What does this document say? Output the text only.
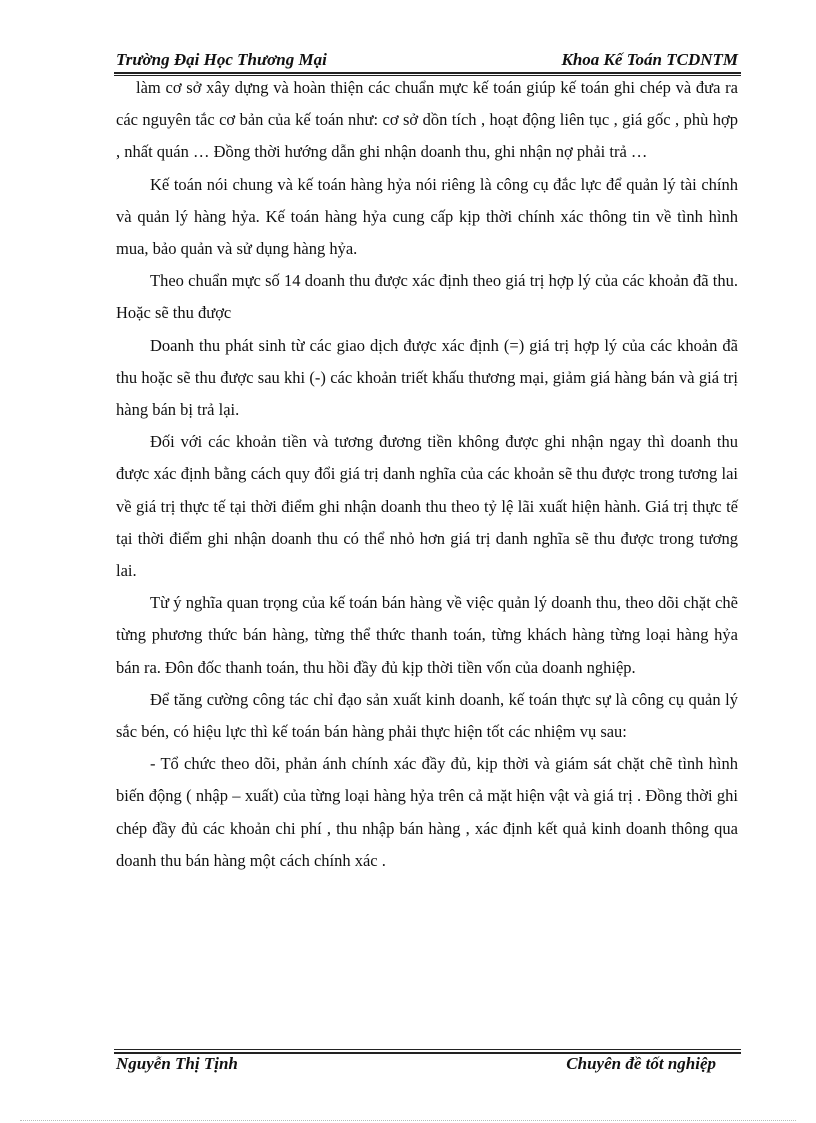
Trường Đại Học Thương Mại	Khoa Kế Toán TCDNTM

làm cơ sở xây dựng và hoàn thiện các chuẩn mực kế toán giúp kế toán ghi chép và đưa ra các nguyên tắc cơ bản của kế toán như: cơ sở dồn tích , hoạt động liên tục , giá gốc , phù hợp , nhất quán … Đồng thời hướng dẫn ghi nhận doanh thu, ghi nhận nợ phải trả …

Kế toán nói chung và kế toán hàng hỷa nói riêng là công cụ đắc lực để quản lý tài chính và quản lý hàng hỷa. Kế toán hàng hỷa cung cấp kịp thời chính xác thông tin về tình hình mua, bảo quản và sử dụng hàng hỷa.

Theo chuẩn mực số 14 doanh thu được xác định theo giá trị hợp lý của các khoản đã thu. Hoặc sẽ thu được

Doanh thu phát sinh từ các giao dịch được xác định (=) giá trị hợp lý của các khoản đã thu hoặc sẽ thu được sau khi (-) các khoản triết khấu thương mại, giảm giá hàng bán và giá trị hàng bán bị trả lại.

Đối với các khoản tiền và tương đương tiền không được ghi nhận ngay thì doanh thu được xác định bằng cách quy đổi giá trị danh nghĩa của các khoản sẽ thu được trong tương lai về giá trị thực tế tại thời điểm ghi nhận doanh thu theo tỷ lệ lãi xuất hiện hành. Giá trị thực tế tại thời điểm ghi nhận doanh thu có thể nhỏ hơn giá trị danh nghĩa sẽ thu được trong tương lai.

Từ ý nghĩa quan trọng của kế toán bán hàng về việc quản lý doanh thu, theo dõi chặt chẽ từng phương thức bán hàng, từng thể thức thanh toán, từng khách hàng từng loại hàng hỷa bán ra. Đôn đốc thanh toán, thu hồi đầy đủ kịp thời tiền vốn của doanh nghiệp.

Để tăng cường công tác chỉ đạo sản xuất kinh doanh, kế toán thực sự là công cụ quản lý sắc bén, có hiệu lực thì kế toán bán hàng phải thực hiện tốt các nhiệm vụ sau:

- Tổ chức theo dõi, phản ánh chính xác đầy đủ, kịp thời và giám sát chặt chẽ tình hình biến động ( nhập – xuất) của từng loại hàng hỷa trên cả mặt hiện vật và giá trị . Đồng thời ghi chép đầy đủ các khoản chi phí , thu nhập bán hàng , xác định kết quả kinh doanh thông qua doanh thu bán hàng một cách chính xác .

Nguyễn Thị Tịnh	Chuyên đề tốt nghiệp
